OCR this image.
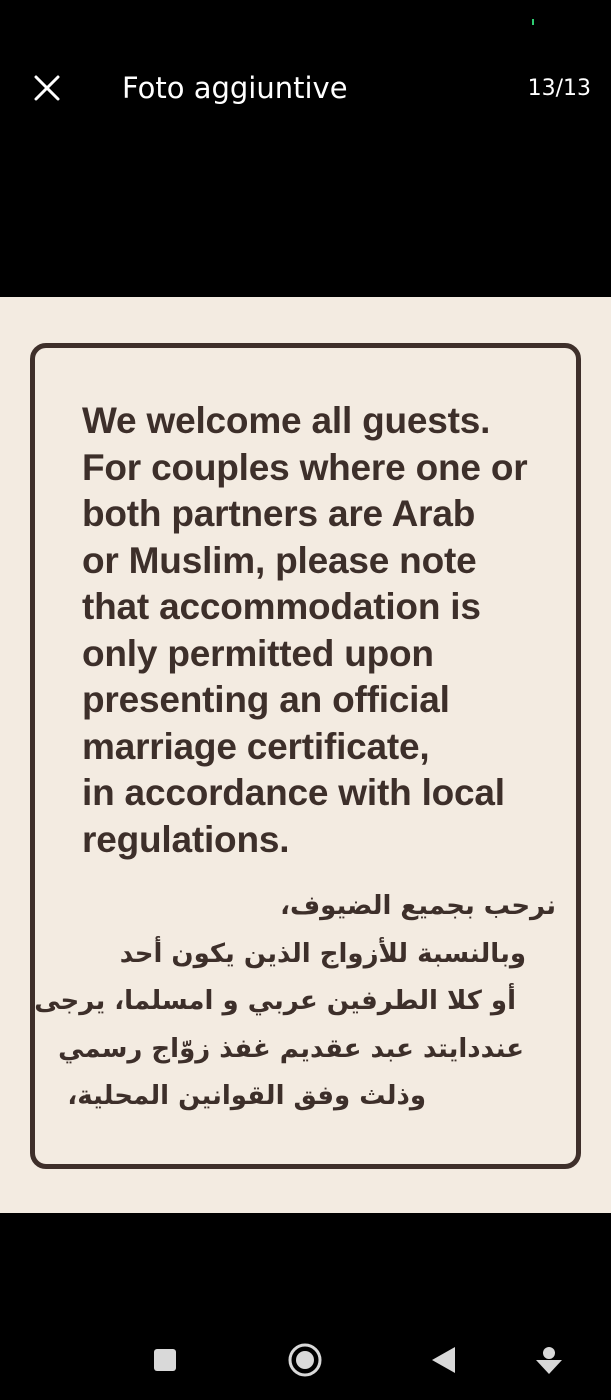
Foto aggiuntive	13/13

We welcome all guests.
For couples where one or
both partners are Arab
or Muslim, please note
that accommodation is
only permitted upon
presenting an official
marriage certificate,
in accordance with local
regulations.

نرحب بجميع الضيوف،
وبالنسبة للأزواج الذين يكون أحد
أو كلا الطرفين عربي و امسلما، يرجى
عنددايتد عبد عقديم غفذ زوّاج رسمي
وذلث وفق القوانين المحلية،
